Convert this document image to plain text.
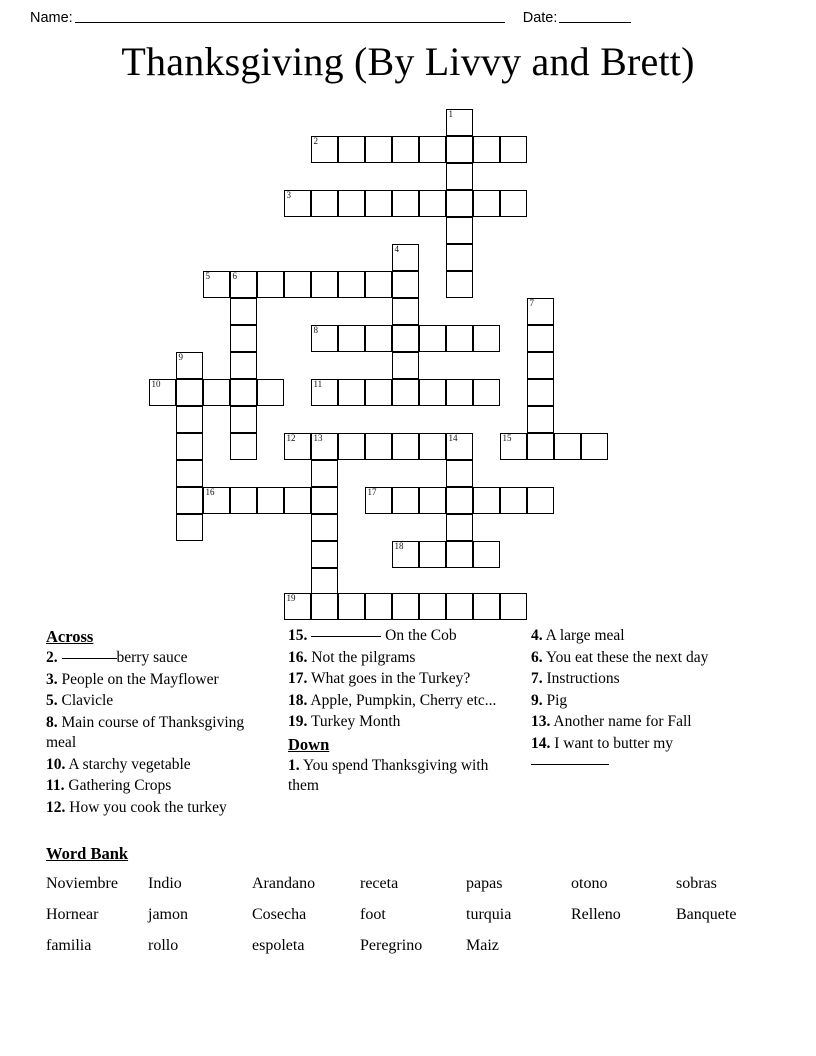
Name:	Date:
Thanksgiving (By Livvy and Brett)
1
2
3
4
5	6
7
8
9
10	11
12 13	14	15
16	17
18
19
Across
2.	berry sauce
3. People on the Mayflower
5. Clavicle
8. Main course of Thanksgiving meal
10. A starchy vegetable
11. Gathering Crops
12. How you cook the turkey
15.	On the Cob
16. Not the pilgrams
17. What goes in the Turkey?
18. Apple, Pumpkin, Cherry etc...
19. Turkey Month
Down
1. You spend Thanksgiving with them
4. A large meal
6. You eat these the next day
7. Instructions
9. Pig
13. Another name for Fall
14. I want to butter my

Word Bank
Noviembre	Indio	Arandano	receta	papas	otono	sobras
Hornear	jamon	Cosecha	foot	turquia	Relleno	Banquete
familia	rollo	espoleta	Peregrino	Maiz
